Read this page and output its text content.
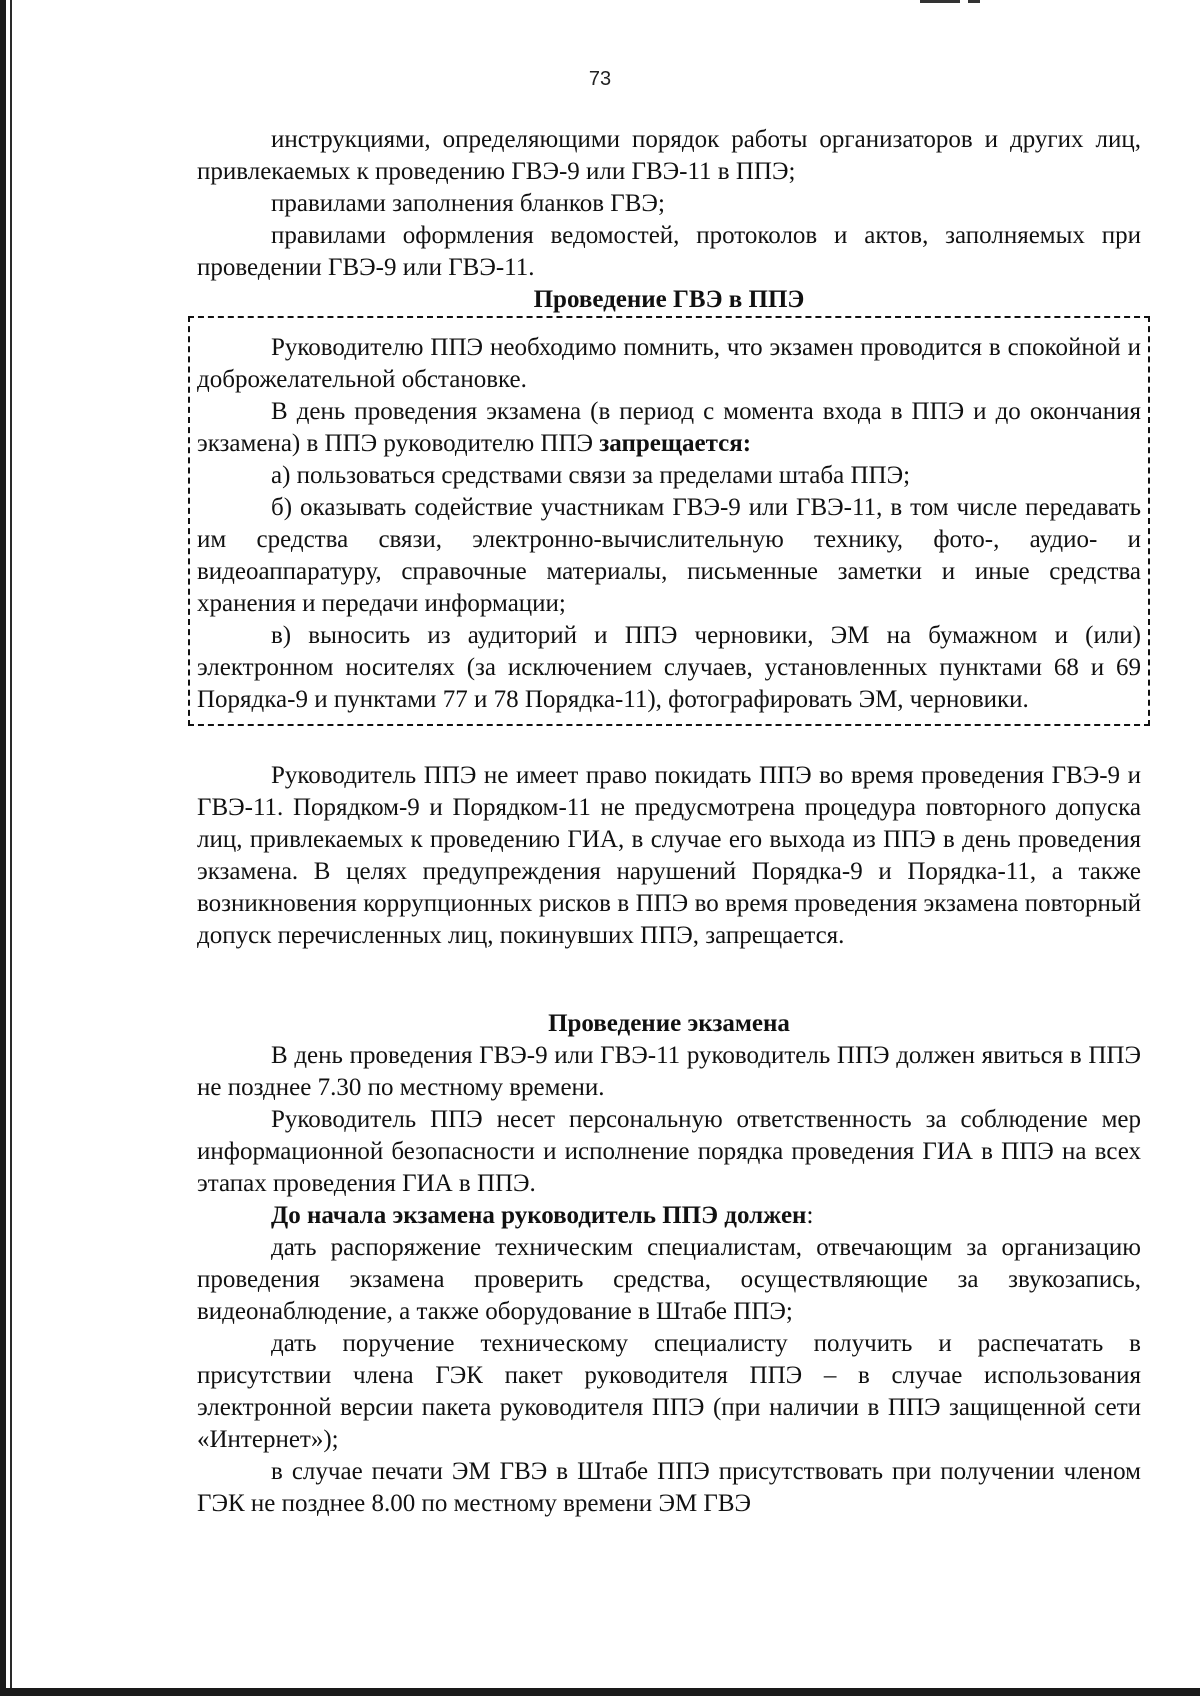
73

инструкциями, определяющими порядок работы организаторов и других лиц, привлекаемых к проведению ГВЭ-9 или ГВЭ-11 в ППЭ;

правилами заполнения бланков ГВЭ;

правилами оформления ведомостей, протоколов и актов, заполняемых при проведении ГВЭ-9 или ГВЭ-11.

Проведение ГВЭ в ППЭ

Руководителю ППЭ необходимо помнить, что экзамен проводится в спокойной и доброжелательной обстановке.

В день проведения экзамена (в период с момента входа в ППЭ и до окончания экзамена) в ППЭ руководителю ППЭ запрещается:

а) пользоваться средствами связи за пределами штаба ППЭ;

б) оказывать содействие участникам ГВЭ-9 или ГВЭ-11, в том числе передавать им средства связи, электронно-вычислительную технику, фото-, аудио- и видеоаппаратуру, справочные материалы, письменные заметки и иные средства хранения и передачи информации;

в) выносить из аудиторий и ППЭ черновики, ЭМ на бумажном и (или) электронном носителях (за исключением случаев, установленных пунктами 68 и 69 Порядка-9 и пунктами 77 и 78 Порядка-11), фотографировать ЭМ, черновики.

Руководитель ППЭ не имеет право покидать ППЭ во время проведения ГВЭ-9 и ГВЭ-11. Порядком-9 и Порядком-11 не предусмотрена процедура повторного допуска лиц, привлекаемых к проведению ГИА, в случае его выхода из ППЭ в день проведения экзамена. В целях предупреждения нарушений Порядка-9 и Порядка-11, а также возникновения коррупционных рисков в ППЭ во время проведения экзамена повторный допуск перечисленных лиц, покинувших ППЭ, запрещается.

Проведение экзамена

В день проведения ГВЭ-9 или ГВЭ-11 руководитель ППЭ должен явиться в ППЭ не позднее 7.30 по местному времени.

Руководитель ППЭ несет персональную ответственность за соблюдение мер информационной безопасности и исполнение порядка проведения ГИА в ППЭ на всех этапах проведения ГИА в ППЭ.

До начала экзамена руководитель ППЭ должен:

дать распоряжение техническим специалистам, отвечающим за организацию проведения экзамена проверить средства, осуществляющие за звукозапись, видеонаблюдение, а также оборудование в Штабе ППЭ;

дать поручение техническому специалисту получить и распечатать в присутствии члена ГЭК пакет руководителя ППЭ – в случае использования электронной версии пакета руководителя ППЭ (при наличии в ППЭ защищенной сети «Интернет»);

в случае печати ЭМ ГВЭ в Штабе ППЭ присутствовать при получении членом ГЭК не позднее 8.00 по местному времени ЭМ ГВЭ
